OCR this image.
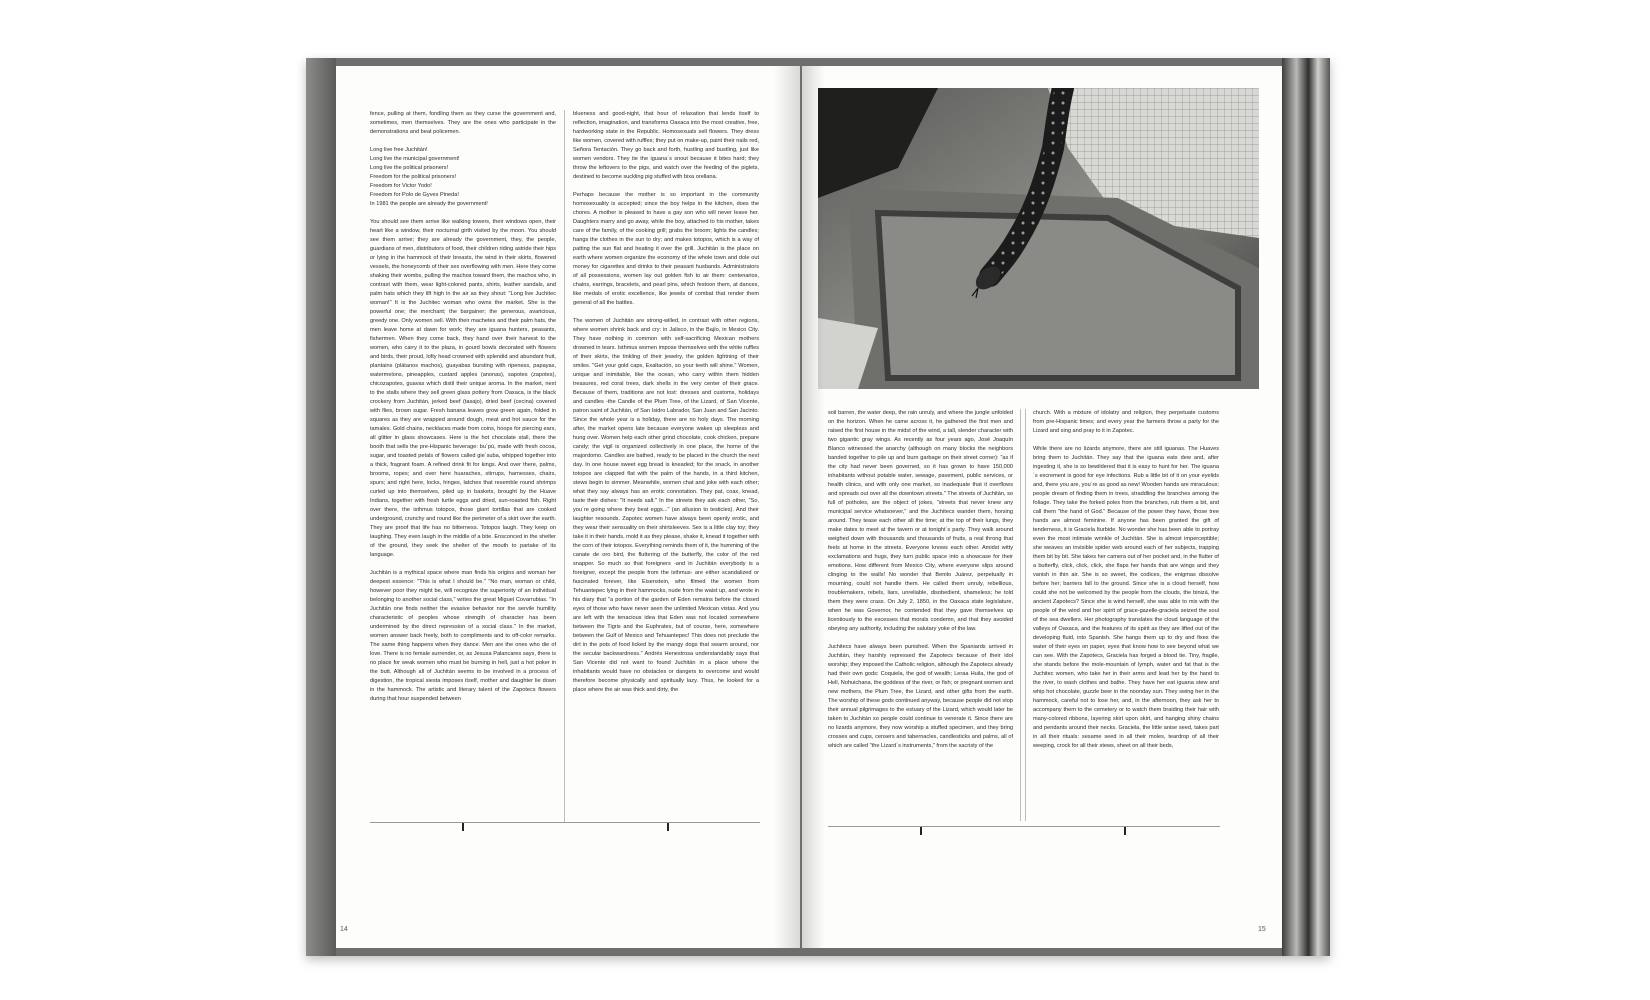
fence, pulling at them, fondling them as they curse the government and, sometimes, men themselves. They are the ones who participate in the demonstrations and beat policemen.

Long live free Juchitán!
Long live the municipal government!
Long live the political prisoners!
Freedom for the political prisoners!
Freedom for Victor Yodo!
Freedom for Polo de Gyves Pineda!
In 1981 the people are already the government!

You should see them arrive like walking towers, their windows open, their heart like a window, their nocturnal girth visited by the moon. You should see them arrive; they are already the government, they, the people, guardians of men, distributors of food, their children riding astride their hips or lying in the hammock of their breasts, the wind in their skirts, flowered vessels, the honeycomb of their sex overflowing with men. Here they come shaking their wombs, pulling the machos toward them, the machos who, in contrast with them, wear light-colored pants, shirts, leather sandals, and palm hats which they lift high in the air as they shout: "Long live Juchitec woman!" It is the Juchitec woman who owns the market. She is the powerful one; the merchant; the bargainer; the generous, avaricious, greedy one. Only women sell. With their machetes and their palm hats, the men leave home at dawn for work; they are iguana hunters, peasants, fishermen. When they come back, they hand over their harvest to the women, who carry it to the plaza, in gourd bowls decorated with flowers and birds, their proud, lofty head crowned with splendid and abundant fruit, plantains (plátanos machos), guayabas bursting with ripeness, papayas, watermelons, pineapples, custard apples (anonas), sapotes (zapotes), chicozapotes, guavas which distil their unique aroma. In the market, next to the stalls where they sell green glass pottery from Oaxaca, is the black crockery from Juchitán, jerked beef (tasajo), dried beef (cecina) covered with flies, brown sugar. Fresh banana leaves grow green again, folded in squares as they are wrapped around dough, meat and hot sauce for the tamales. Gold chains, necklaces made from coins, hoops for piercing ears, all glitter in glass showcases. Here is the hot chocolate stall, there the booth that sells the pre-Hispanic beverage: bu´pú, made with fresh cocoa, sugar, and toasted petals of flowers called gie´suba, whipped together into a thick, fragrant foam. A refined drink fit for kings. And over there, palms, brooms, ropes; and over here huaraches, stirrups, harnesses, chairs, spurs; and right here, locks, hinges, latches that resemble round shrimps curled up into themselves, piled up in baskets, brought by the Huave Indians, together with fresh turtle eggs and dried, sun-roasted fish. Right over there, the isthmus totopos, those giant tortillas that are cooked underground, crunchy and round like the perimeter of a skirt over the earth. They are proof that life has no bitterness. Totopos laugh. They keep on laughing. They even laugh in the middle of a bite. Ensconced in the shelter of the ground, they seek the shelter of the mouth to partake of its language.

Juchitán is a mythical space where man finds his origins and woman her deepest essence: "This is what I should be." "No man, woman or child, however poor they might be, will recognize the superiority of an individual belonging to another social class," writes the great Miguel Covarrubias. "In Juchitán one finds neither the evasive behavior nor the servile humility characteristic of peoples whose strength of character has been undermined by the direct repression of a social class." In the market, women answer back freely, both to compliments and to off-color remarks. The same thing happens when they dance. Men are the ones who die of love. There is no female surrender, or, as Jesusa Palancares says, there is no place for weak women who must be burning in hell, just a hot poker in the butt. Although all of Juchitán seems to be involved in a process of digestion, the tropical siesta imposes itself, mother and daughter lie down in the hammock. The artistic and literary talent of the Zapotecs flowers during that hour suspended between

blueness and good-night, that hour of relaxation that lends itself to reflection, imagination, and transforms Oaxaca into the most creative, free, hardworking state in the Republic. Homosexuals sell flowers. They dress like women, covered with ruffles; they put on make-up, paint their nails red, Señora Tentación. They go back and forth, hustling and bustling, just like women vendors. They tie the iguana´s snout because it bites hard; they throw the leftovers to the pigs, and watch over the feeding of the piglets, destined to become suckling pig stuffed with bixa orellana.

Perhaps because the mother is so important in the community homosexuality is accepted; since the boy helps in the kitchen, does the chores. A mother is pleased to have a gay son who will never leave her. Daughters marry and go away, while the boy, attached to his mother, takes care of the family, of the cooking grill; grabs the broom; lights the candles; hangs the clothes in the sun to dry; and makes totopos, which is a way of patting the sun flat and heating it over the grill. Juchitán is the place on earth where women organize the economy of the whole town and dole out money for cigarettes and drinks to their peasant husbands. Administrators of all possessions, women lay out golden fish to air them: centenarios, chains, earrings, bracelets, and pearl pins, which festoon them, at dances, like medals of erotic excellence, like jewels of combat that render them general of all the battles.

The women of Juchitán are strong-willed, in contrast with other regions, where women shrink back and cry: in Jalisco, in the Bajío, in Mexico City. They have nothing in common with self-sacrificing Mexican mothers drowned in tears. Isthmus women impose themselves with the white ruffles of their skirts, the tinkling of their jewelry, the golden lightning of their smiles. "Get your gold caps, Exaltación, so your teeth will shine." Women, unique and inimitable, like the ocean, who carry within them hidden treasures, red coral trees, dark shells in the very center of their grace. Because of them, traditions are not lost: dresses and customs, holidays and candles -the Candle of the Plum Tree, of the Lizard, of San Vicente, patron saint of Juchitán, of San Isidro Labrador, San Juan and San Jacinto. Since the whole year is a holiday, there are no holy days. The morning after, the market opens late because everyone wakes up sleepless and hung over. Women help each other grind chocolate, cook chicken, prepare candy; the vigil is organized collectively in one place, the home of the majordomo. Candles are bathed, ready to be placed in the church the next day. In one house sweet egg bread is kneaded; for the snack, in another totopos are clapped flat with the palm of the hands, in a third kitchen, stews begin to simmer. Meanwhile, women chat and joke with each other; what they say always has an erotic connotation. They pat, coax, knead, taste their dishes: "It needs salt." In the streets they ask each other, "So, you´re going where they beat eggs..." (an allusion to testicles). And their laughter resounds. Zapotec women have always been openly erotic, and they wear their sensuality on their shirtsleeves. Sex is a little clay toy; they take it in their hands, mold it as they please, shake it, knead it together with the corn of their totopos. Everything reminds them of it, the humming of the canate de oro bird, the fluttering of the butterfly, the color of the red snapper. So much so that foreigners -and in Juchitán everybody is a foreigner, except the people from the isthmus- are either scandalized or fascinated forever, like Eisenstein, who filmed the women from Tehuantepec lying in their hammocks, nude from the waist up, and wrote in his diary that "a portion of the garden of Eden remains before the closed eyes of those who have never seen the unlimited Mexican vistas. And you are left with the tenacious idea that Eden was not located somewhere between the Tigris and the Euphrates, but of course, here, somewhere between the Gulf of Mexico and Tehuantepec! This does not preclude the dirt in the pots of food licked by the mangy dogs that swarm around, nor the secular backwardness." Andrés Henestrosa understandably says that San Vicente did not want to found Juchitán in a place where the inhabitants would have no obstacles or dangers to overcome and would therefore become physically and spiritually lazy. Thus, he looked for a place where the air was thick and dirty, the

14

soil barren, the water deep, the rain unruly, and where the jungle unfolded on the horizon. When he came across it, he gathered the first men and raised the first house in the midst of the wind, a tall, slender character with two gigantic gray wings. As recently as four years ago, José Joaquín Blanco witnessed the anarchy (although on many blocks the neighbors banded together to pile up and burn garbage on their street corner): "as if the city had never been governed, so it has grown to have 150,000 inhabitants without potable water, sewage, pavement, public services, or health clinics, and with only one market, so inadequate that it overflows and spreads out over all the downtown streets." The streets of Juchitán, so full of potholes, are the object of jokes, "streets that never knew any municipal service whatsoever," and the Juchitecs wander them, horsing around. They tease each other all the time; at the top of their lungs, they make dates to meet at the tavern or at tonight´s party. They walk around weighed down with thousands and thousands of fruits, a real throng that feels at home in the streets. Everyone knows each other. Amidst witty exclamations and hugs, they turn public space into a showcase for their emotions. How different from Mexico City, where everyone slips around clinging to the walls! No wonder that Benito Juárez, perpetually in mourning, could not handle them. He called them unruly, rebellious, troublemakers, rebels, liars, unreliable, disobedient, shameless; he told them they were crass. On July 2, 1850, in the Oaxaca state legislature, when he was Governor, he contended that they gave themselves up licentiously to the excesses that morals condemn, and that they avoided obeying any authority, including the salutary yoke of the law.

Juchitecs have always been punished. When the Spaniards arrived in Juchitán, they harshly repressed the Zapotecs because of their idol worship; they imposed the Catholic religion, although the Zapotecs already had their own gods: Coquiela, the god of wealth; Leraa Huila, the god of Hell, Nohuichana, the goddess of the river, or fish; or pregnant women and new mothers, the Plum Tree, the Lizard, and other gifts from the earth. The worship of these gods continued anyway, because people did not stop their annual pilgrimages to the estuary of the Lizard, which would later be taken to Juchitán so people could continue to venerate it. Since there are no lizards anymore, they now worship a stuffed specimen, and they bring crosses and cups, censers and tabernacles, candlesticks and palms, all of which are called "the Lizard´s instruments," from the sacristy of the

church. With a mixture of idolatry and religion, they perpetuate customs from pre-Hispanic times; and every year the farmers throw a party for the Lizard and sing and pray to it in Zapotec.

While there are no lizards anymore, there are still iguanas. The Huaves bring them to Juchitán. They say that the iguana eats dew and, after ingesting it, she is so bewildered that it is easy to hunt for her. The iguana´s excrement is good for eye infections. Rub a little bit of it on your eyelids and, there you are, you´re as good as new! Wooden hands are miraculous; people dream of finding them in trees, straddling the branches among the foliage. They take the forked poles from the branches, rub them a bit, and call them "the hand of God." Because of the power they have, those tree hands are almost feminine. If anyone has been granted the gift of tenderness, it is Graciela Iturbide. No wonder she has been able to portray even the most intimate wrinkle of Juchitán. She is almost imperceptible; she weaves an invisible spider web around each of her subjects, trapping them bit by bit. She takes her camera out of her pocket and, in the flutter of a butterfly, click, click, click, she flaps her hands that are wings and they vanish in thin air. She is so sweet, the codices, the enigmas dissolve before her; barriers fall to the ground. Since she is a cloud herself, how could she not be welcomed by the people from the clouds, the binizá, the ancient Zapotecs? Since she is wind herself, she was able to mix with the people of the wind and her spirit of grace-gazelle-graciela seized the soul of the sea dwellers. Her photography translates the cloud language of the valleys of Oaxaca, and the features of its spirit as they are lifted out of the developing fluid, into Spanish. She hangs them up to dry and fixes the water of their eyes on paper, eyes that know how to see beyond what we can see. With the Zapotecs, Graciela has forged a blood tie. Tiny, fragile, she stands before the mole-mountain of lymph, water and fat that is the Juchitec women, who take her in their arms and lead her by the hand to the river, to wash clothes and bathe. They have her eat iguana stew and whip hot chocolate, guzzle beer in the noonday sun. They swing her in the hammock, careful not to lose her, and, in the afternoon, they ask her to accompany them to the cemetery or to watch them braiding their hair with many-colored ribbons, layering skirt upon skirt, and hanging shiny chains and pendants around their necks. Graciela, the little anise seed, takes part in all their rituals: sesame seed in all their moles, teardrop of all their weeping, crock for all their stews, sheet on all their beds,

15
